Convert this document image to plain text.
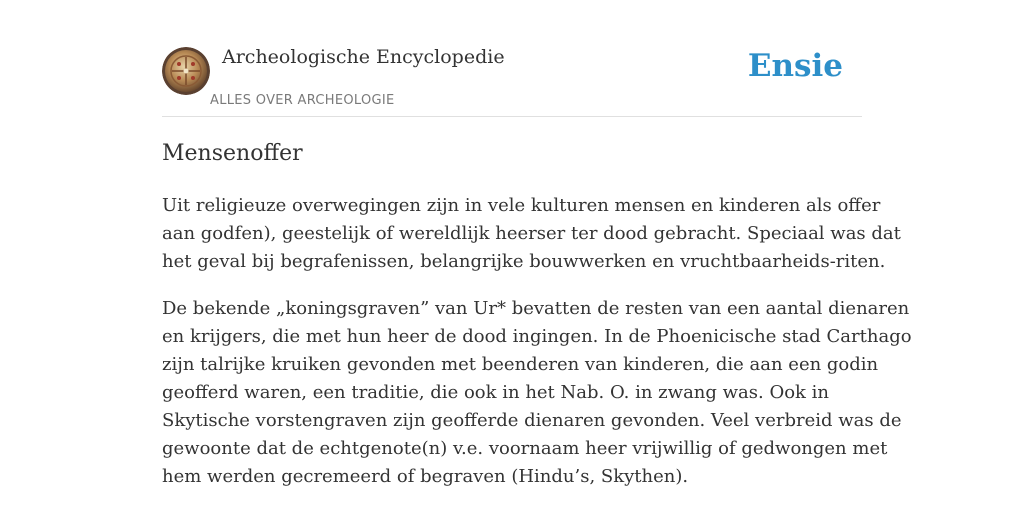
Archeologische Encyclopedie
ALLES OVER ARCHEOLOGIE
Ensie
Mensenoffer

Uit religieuze overwegingen zijn in vele kulturen mensen en kinderen als offer
aan godfen), geestelijk of wereldlijk heerser ter dood gebracht. Speciaal was dat
het geval bij begrafenissen, belangrijke bouwwerken en vruchtbaarheids-riten.

De bekende „koningsgraven” van Ur* bevatten de resten van een aantal dienaren
en krijgers, die met hun heer de dood ingingen. In de Phoenicische stad Carthago
zijn talrijke kruiken gevonden met beenderen van kinderen, die aan een godin
geofferd waren, een traditie, die ook in het Nab. O. in zwang was. Ook in
Skytische vorstengraven zijn geofferde dienaren gevonden. Veel verbreid was de
gewoonte dat de echtgenote(n) v.e. voornaam heer vrijwillig of gedwongen met
hem werden gecremeerd of begraven (Hindu’s, Skythen).
